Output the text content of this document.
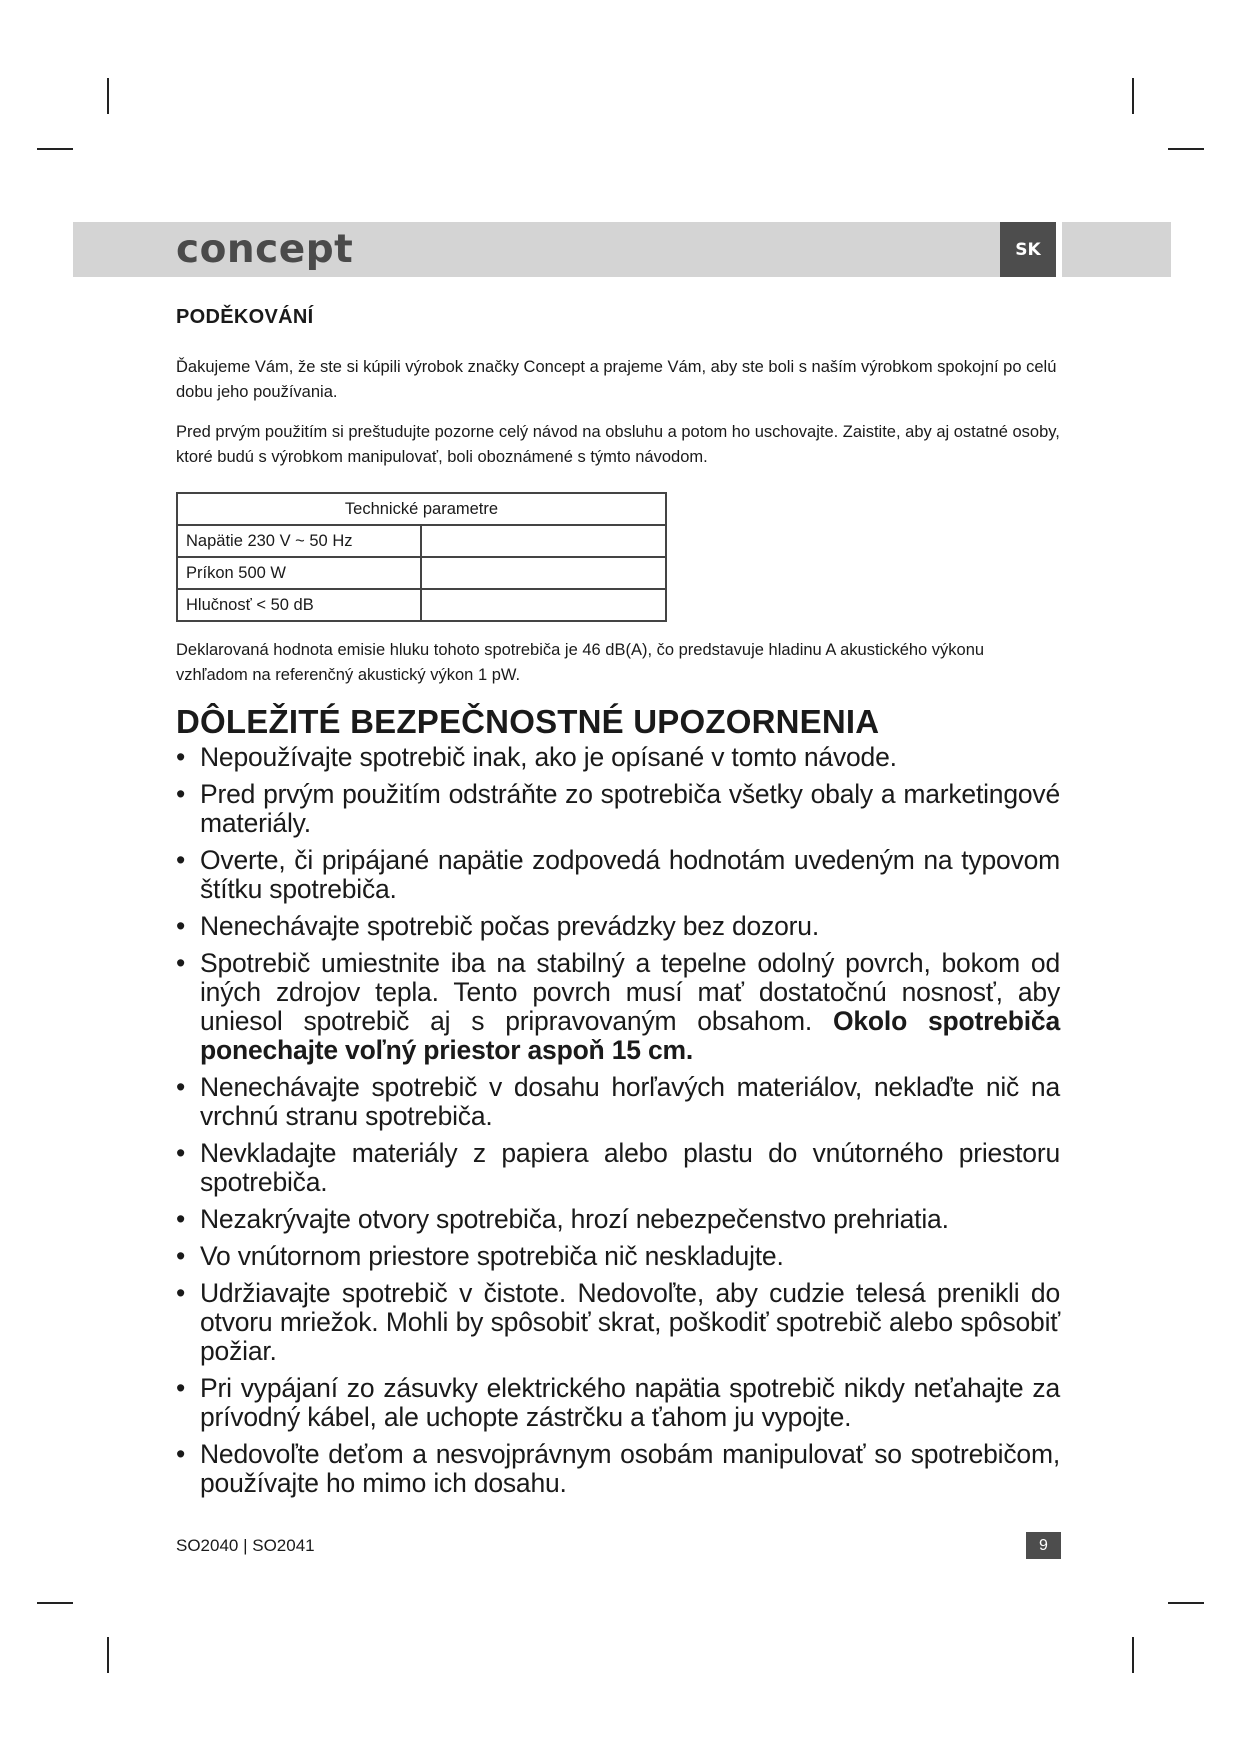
concept	SK
PODĚKOVÁNÍ

Ďakujeme Vám, že ste si kúpili výrobok značky Concept a prajeme Vám, aby ste boli s naším výrobkom spokojní po celú dobu jeho používania.

Pred prvým použitím si preštudujte pozorne celý návod na obsluhu a potom ho uschovajte. Zaistite, aby aj ostatné osoby, ktoré budú s výrobkom manipulovať, boli oboznámené s týmto návodom.

Technické parametre	
Napätie 230 V ~ 50 Hz	
Príkon 500 W	
Hlučnosť < 50 dB	

Deklarovaná hodnota emisie hluku tohoto spotrebiča je 46 dB(A), čo predstavuje hladinu A akustického výkonu vzhľadom na referenčný akustický výkon 1 pW.

DÔLEŽITÉ BEZPEČNOSTNÉ UPOZORNENIA
• Nepoužívajte spotrebič inak, ako je opísané v tomto návode.
• Pred prvým použitím odstráňte zo spotrebiča všetky obaly a marketingové materiály.
• Overte, či pripájané napätie zodpovedá hodnotám uvedeným na typovom štítku spotrebiča.
• Nenechávajte spotrebič počas prevádzky bez dozoru.
• Spotrebič umiestnite iba na stabilný a tepelne odolný povrch, bokom od iných zdrojov tepla. Tento povrch musí mať dostatočnú nosnosť, aby uniesol spotrebič aj s pripravovaným obsahom. Okolo spotrebiča ponechajte voľný priestor aspoň 15 cm.
• Nenechávajte spotrebič v dosahu horľavých materiálov, neklaďte nič na vrchnú stranu spotrebiča.
• Nevkladajte materiály z papiera alebo plastu do vnútorného priestoru spotrebiča.
• Nezakrývajte otvory spotrebiča, hrozí nebezpečenstvo prehriatia.
• Vo vnútornom priestore spotrebiča nič neskladujte.
• Udržiavajte spotrebič v čistote. Nedovoľte, aby cudzie telesá prenikli do otvoru mriežok. Mohli by spôsobiť skrat, poškodiť spotrebič alebo spôsobiť požiar.
• Pri vypájaní zo zásuvky elektrického napätia spotrebič nikdy neťahajte za prívodný kábel, ale uchopte zástrčku a ťahom ju vypojte.
• Nedovoľte deťom a nesvojprávnym osobám manipulovať so spotrebičom, používajte ho mimo ich dosahu.
SO2040 | SO2041	9
